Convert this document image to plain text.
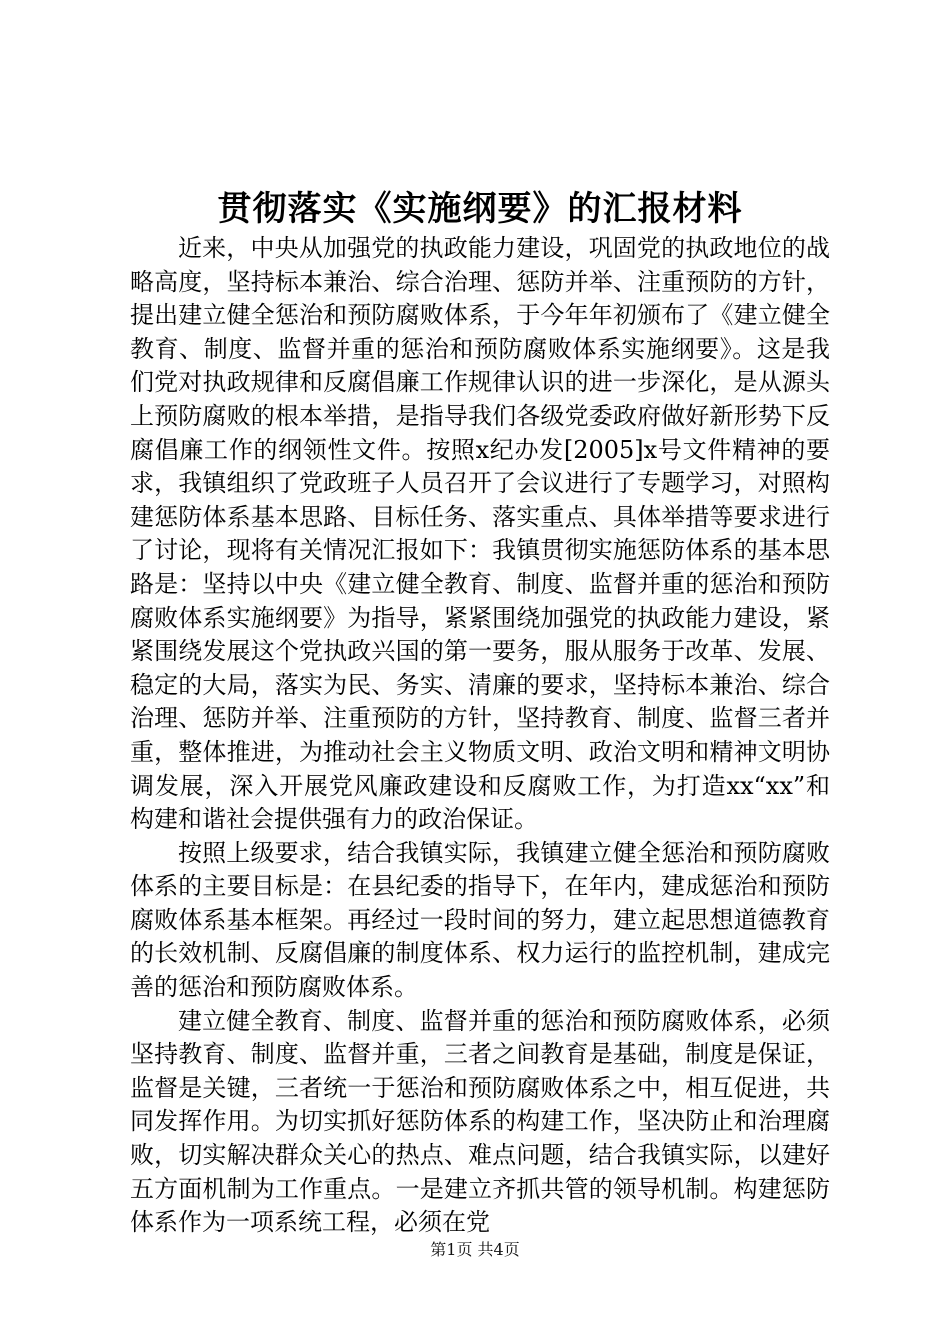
贯彻落实《实施纲要》的汇报材料

近来，中央从加强党的执政能力建设，巩固党的执政地位的战略高度，坚持标本兼治、综合治理、惩防并举、注重预防的方针，提出建立健全惩治和预防腐败体系，于今年年初颁布了《建立健全教育、制度、监督并重的惩治和预防腐败体系实施纲要》。这是我们党对执政规律和反腐倡廉工作规律认识的进一步深化，是从源头上预防腐败的根本举措，是指导我们各级党委政府做好新形势下反腐倡廉工作的纲领性文件。按照x纪办发[2005]x号文件精神的要求，我镇组织了党政班子人员召开了会议进行了专题学习，对照构建惩防体系基本思路、目标任务、落实重点、具体举措等要求进行了讨论，现将有关情况汇报如下：我镇贯彻实施惩防体系的基本思路是：坚持以中央《建立健全教育、制度、监督并重的惩治和预防腐败体系实施纲要》为指导，紧紧围绕加强党的执政能力建设，紧紧围绕发展这个党执政兴国的第一要务，服从服务于改革、发展、稳定的大局，落实为民、务实、清廉的要求，坚持标本兼治、综合治理、惩防并举、注重预防的方针，坚持教育、制度、监督三者并重，整体推进，为推动社会主义物质文明、政治文明和精神文明协调发展，深入开展党风廉政建设和反腐败工作，为打造xx“xx”和构建和谐社会提供强有力的政治保证。

按照上级要求，结合我镇实际，我镇建立健全惩治和预防腐败体系的主要目标是：在县纪委的指导下，在年内，建成惩治和预防腐败体系基本框架。再经过一段时间的努力，建立起思想道德教育的长效机制、反腐倡廉的制度体系、权力运行的监控机制，建成完善的惩治和预防腐败体系。

建立健全教育、制度、监督并重的惩治和预防腐败体系，必须坚持教育、制度、监督并重，三者之间教育是基础，制度是保证，监督是关键，三者统一于惩治和预防腐败体系之中，相互促进，共同发挥作用。为切实抓好惩防体系的构建工作，坚决防止和治理腐败，切实解决群众关心的热点、难点问题，结合我镇实际，以建好五方面机制为工作重点。一是建立齐抓共管的领导机制。构建惩防体系作为一项系统工程，必须在党

第1页 共4页
